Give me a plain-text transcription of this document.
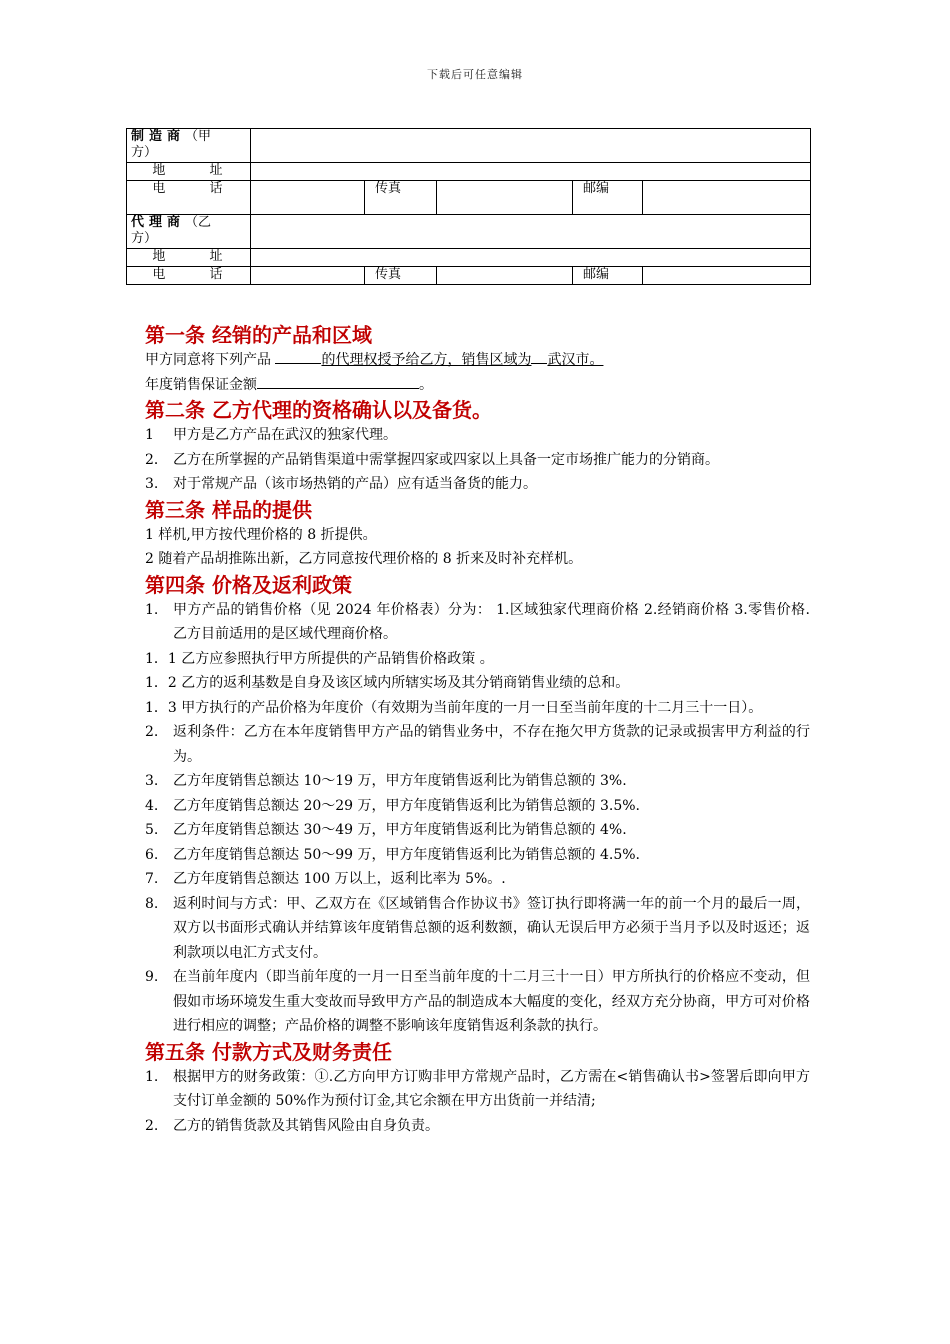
下载后可任意编辑
制造商（甲
方）					
地 址					
电 话		传真		邮编	
代理商（乙
方）					
地 址					
电 话		传真		邮编	
第一条 经销的产品和区域

甲方同意将下列产品	的代理权授予给乙方，销售区域为 武汉市。

年度销售保证金额	。

第二条 乙方代理的资格确认以及备货。
1	甲方是乙方产品在武汉的独家代理。
2． 乙方在所掌握的产品销售渠道中需掌握四家或四家以上具备一定市场推广能力的分销商。
3.	对于常规产品（该市场热销的产品）应有适当备货的能力。
第三条 样品的提供

1 样机,甲方按代理价格的 8 折提供。

2 随着产品胡推陈出新，乙方同意按代理价格的 8 折来及时补充样机。

第四条 价格及返利政策
1.	甲方产品的销售价格（见 2024 年价格表）分为： 1.区域独家代理商价格 2.经销商价格 3.零售价格. 乙方目前适用的是区域代理商价格。

1．1 乙方应参照执行甲方所提供的产品销售价格政策 。

1．2 乙方的返利基数是自身及该区域内所辖实场及其分销商销售业绩的总和。

1．3 甲方执行的产品价格为年度价（有效期为当前年度的一月一日至当前年度的十二月三十一日）。

2.	返利条件：乙方在本年度销售甲方产品的销售业务中，不存在拖欠甲方货款的记录或损害甲方利益的行为。
3.	乙方年度销售总额达 10～19 万，甲方年度销售返利比为销售总额的 3%.
4.	乙方年度销售总额达 20～29 万，甲方年度销售返利比为销售总额的 3.5%.
5.	乙方年度销售总额达 30～49 万，甲方年度销售返利比为销售总额的 4%.
6.	乙方年度销售总额达 50～99 万，甲方年度销售返利比为销售总额的 4.5%.
7.	乙方年度销售总额达 100 万以上，返利比率为 5%。.
8.	返利时间与方式：甲、乙双方在《区域销售合作协议书》签订执行即将满一年的前一个月的最后一周，双方以书面形式确认并结算该年度销售总额的返利数额，确认无误后甲方必须于当月予以及时返还；返利款项以电汇方式支付。
9.	在当前年度内（即当前年度的一月一日至当前年度的十二月三十一日）甲方所执行的价格应不变动，但假如市场环境发生重大变故而导致甲方产品的制造成本大幅度的变化，经双方充分协商，甲方可对价格进行相应的调整；产品价格的调整不影响该年度销售返利条款的执行。
第五条 付款方式及财务责任
1.	根据甲方的财务政策：①.乙方向甲方订购非甲方常规产品时，乙方需在<销售确认书>签署后即向甲方支付订单金额的 50%作为预付订金,其它余额在甲方出货前一并结清;
2.	乙方的销售货款及其销售风险由自身负责。
